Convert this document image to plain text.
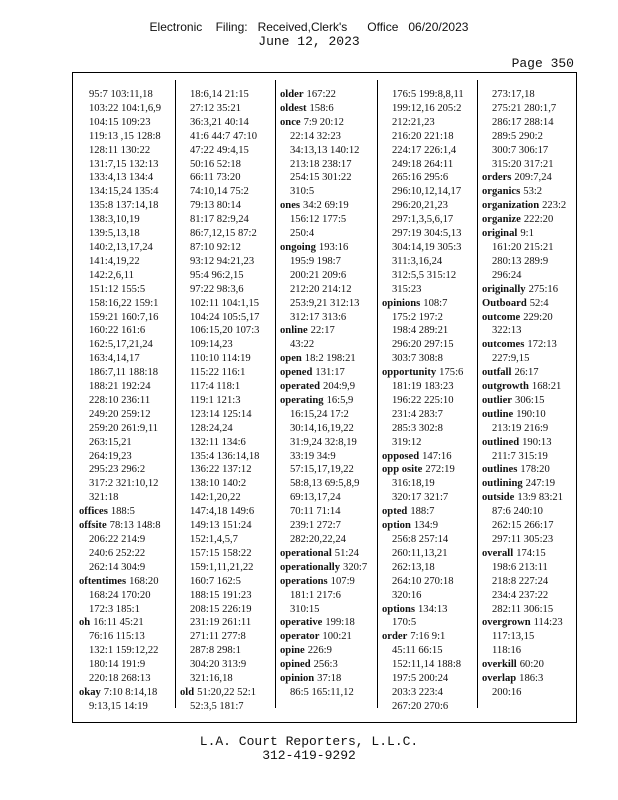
Electronic    Filing:   Received,Clerk's      Office   06/20/2023
June 12, 2023
Page 350
95:7 103:11,18
103:22 104:1,6,9
104:15 109:23
119:13 ,15 128:8
128:11 130:22
131:7,15 132:13
133:4,13 134:4
134:15,24 135:4
135:8 137:14,18
138:3,10,19
139:5,13,18
140:2,13,17,24
141:4,19,22
142:2,6,11
151:12 155:5
158:16,22 159:1
159:21 160:7,16
160:22 161:6
162:5,17,21,24
163:4,14,17
186:7,11 188:18
188:21 192:24
228:10 236:11
249:20 259:12
259:20 261:9,11
263:15,21
264:19,23
295:23 296:2
317:2 321:10,12
321:18
offices 188:5
offsite 78:13 148:8
206:22 214:9
240:6 252:22
262:14 304:9
oftentimes 168:20
168:24 170:20
172:3 185:1
oh 16:11 45:21
76:16 115:13
132:1 159:12,22
180:14 191:9
220:18 268:13
okay 7:10 8:14,18
9:13,15 14:19
18:6,14 21:15
27:12 35:21
36:3,21 40:14
41:6 44:7 47:10
47:22 49:4,15
50:16 52:18
66:11 73:20
74:10,14 75:2
79:13 80:14
81:17 82:9,24
86:7,12,15 87:2
87:10 92:12
93:12 94:21,23
95:4 96:2,15
97:22 98:3,6
102:11 104:1,15
104:24 105:5,17
106:15,20 107:3
109:14,23
110:10 114:19
115:22 116:1
117:4 118:1
119:1 121:3
123:14 125:14
128:24,24
132:11 134:6
135:4 136:14,18
136:22 137:12
138:10 140:2
142:1,20,22
147:4,18 149:6
149:13 151:24
152:1,4,5,7
157:15 158:22
159:1,11,21,22
160:7 162:5
188:15 191:23
208:15 226:19
231:19 261:11
271:11 277:8
287:8 298:1
304:20 313:9
321:16,18
old 51:20,22 52:1
52:3,5 181:7
older 167:22
oldest 158:6
once 7:9 20:12
22:14 32:23
34:13,13 140:12
213:18 238:17
254:15 301:22
310:5
ones 34:2 69:19
156:12 177:5
250:4
ongoing 193:16
195:9 198:7
200:21 209:6
212:20 214:12
253:9,21 312:13
312:17 313:6
online 22:17
43:22
open 18:2 198:21
opened 131:17
operated 204:9,9
operating 16:5,9
16:15,24 17:2
30:14,16,19,22
31:9,24 32:8,19
33:19 34:9
57:15,17,19,22
58:8,13 69:5,8,9
69:13,17,24
70:11 71:14
239:1 272:7
282:20,22,24
operational 51:24
operationally 320:7
operations 107:9
181:1 217:6
310:15
operative 199:18
operator 100:21
opine 226:9
opined 256:3
opinion 37:18
86:5 165:11,12
176:5 199:8,8,11
199:12,16 205:2
212:21,23
216:20 221:18
224:17 226:1,4
249:18 264:11
265:16 295:6
296:10,12,14,17
296:20,21,23
297:1,3,5,6,17
297:19 304:5,13
304:14,19 305:3
311:3,16,24
312:5,5 315:12
315:23
opinions 108:7
175:2 197:2
198:4 289:21
296:20 297:15
303:7 308:8
opportunity 175:6
181:19 183:23
196:22 225:10
231:4 283:7
285:3 302:8
319:12
opposed 147:16
opp osite 272:19
316:18,19
320:17 321:7
opted 188:7
option 134:9
256:8 257:14
260:11,13,21
262:13,18
264:10 270:18
320:16
options 134:13
170:5
order 7:16 9:1
45:11 66:15
152:11,14 188:8
197:5 200:24
203:3 223:4
267:20 270:6
273:17,18
275:21 280:1,7
286:17 288:14
289:5 290:2
300:7 306:17
315:20 317:21
orders 209:7,24
organics 53:2
organization 223:2
organize 222:20
original 9:1
161:20 215:21
280:13 289:9
296:24
originally 275:16
Outboard 52:4
outcome 229:20
322:13
outcomes 172:13
227:9,15
outfall 26:17
outgrowth 168:21
outlier 306:15
outline 190:10
213:19 216:9
outlined 190:13
211:7 315:19
outlines 178:20
outlining 247:19
outside 13:9 83:21
87:6 240:10
262:15 266:17
297:11 305:23
overall 174:15
198:6 213:11
218:8 227:24
234:4 237:22
282:11 306:15
overgrown 114:23
117:13,15
118:16
overkill 60:20
overlap 186:3
200:16
L.A. Court Reporters, L.L.C.
312-419-9292
